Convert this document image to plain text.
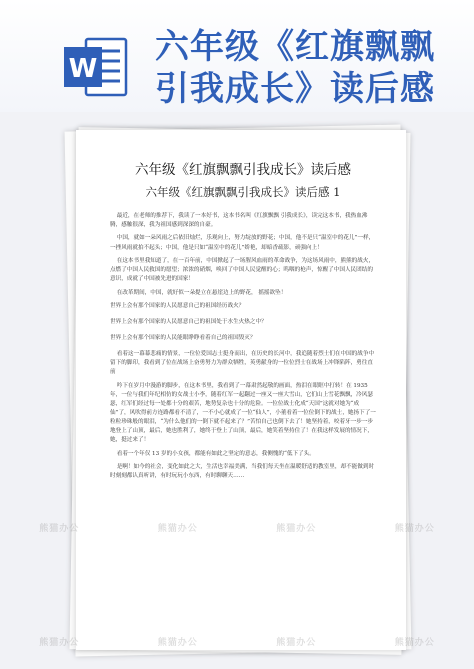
W
六年级《红旗飘飘
引我成长》读后感
六年级《红旗飘飘引我成长》读后感
六年级《红旗飘飘引我成长》读后感 1

最近，在老师的推荐下，我读了一本好书，这本书名叫《红旗飘飘 引我成长》，读完这本书，我热血沸腾，感触很深，我为祖国感到深深的自豪。

中国，就如一朵风雨之后依旧灿烂，乐观向上，努力绽放的野花；中国，他不是只“温室中的花儿”一样，一挫风雨就拍不起头；中国，他是只如“温室中的花儿”娇艳，却暗香疏影，顽强向上！

在这本书里我知道了，在一百年前，中国掀起了一场腥风血雨的革命战争，为这场风雨中，熊熊的战火，点燃了中国人民救国的愿望；浓浓的硝烟，唤回了中国人民觉醒的心；呜咽的枪声，惊醒了中国人民团结的意识，成就了中国被先进的国家！

在改革期间，中国，就好似一朵提立在悬崖边上的野花， 摇摇欲坠！

世界上会有那个国家的人民愿意自己的祖国经历战火？

世界上会有那个国家的人民愿意自己的祖国处于水生火热之中？

世界上会有那个国家的人民能眼睁睁看着自己的祖国毁灭？

看着这一幕幕悲痛的情景，一位位爱国志士挺身而出，在历史的长河中，我追随着烈士们在中国的战争中留下的脚印，我看到了位在战场上奋勇努力为群众牺牲，英勇献身的一位位烈士在战场上冲锋陷阵，勇往直前

吟下在岁月中漫游的脚步，在这本书里，我看到了一幕肃然起敬的画面，热泪在眼眶中打转！在 1935 年，一位与我们年纪相仿的女战士小李，随着红军一起翻过一座又一座大雪山，它们山上雪花飘飘，冷风瑟瑟，红军们经过每一处都十分的艰苦，地势复杂也十分的危险。一位位战士化成“天国”这就对她为“成仙”了，风吹得前方连路都看不清了，一不小心就成了一位“仙人”，小董看着一位位倒下的战士，她扬下了一粒粒珍珠般的眼泪，“为什么他们的一倒下就不起来了？”苦怕自己也倒下去了！她坚持着，咬着牙一步一步地登上了山顶，最后，她也胜利了，她终于登上了山顶，最后，她笑着坚持住了！在我这样发展的情况下，她，挺过来了！

看着一个年仅 13 岁的小女孩，都能有如此之坚定的意志，我侧愧的“低下了头。

是啊！如今的社会，变化如此之大，生活也幸福美满，当我们每天坐在温暖舒适的教室里，却不能做到时时刻刻都认真听讲，有时玩玩小东西，有时聊聊天……

熊猫办公	熊猫办公	熊猫办公	熊猫办公
熊猫办公	熊猫办公	熊猫办公	熊猫办公
